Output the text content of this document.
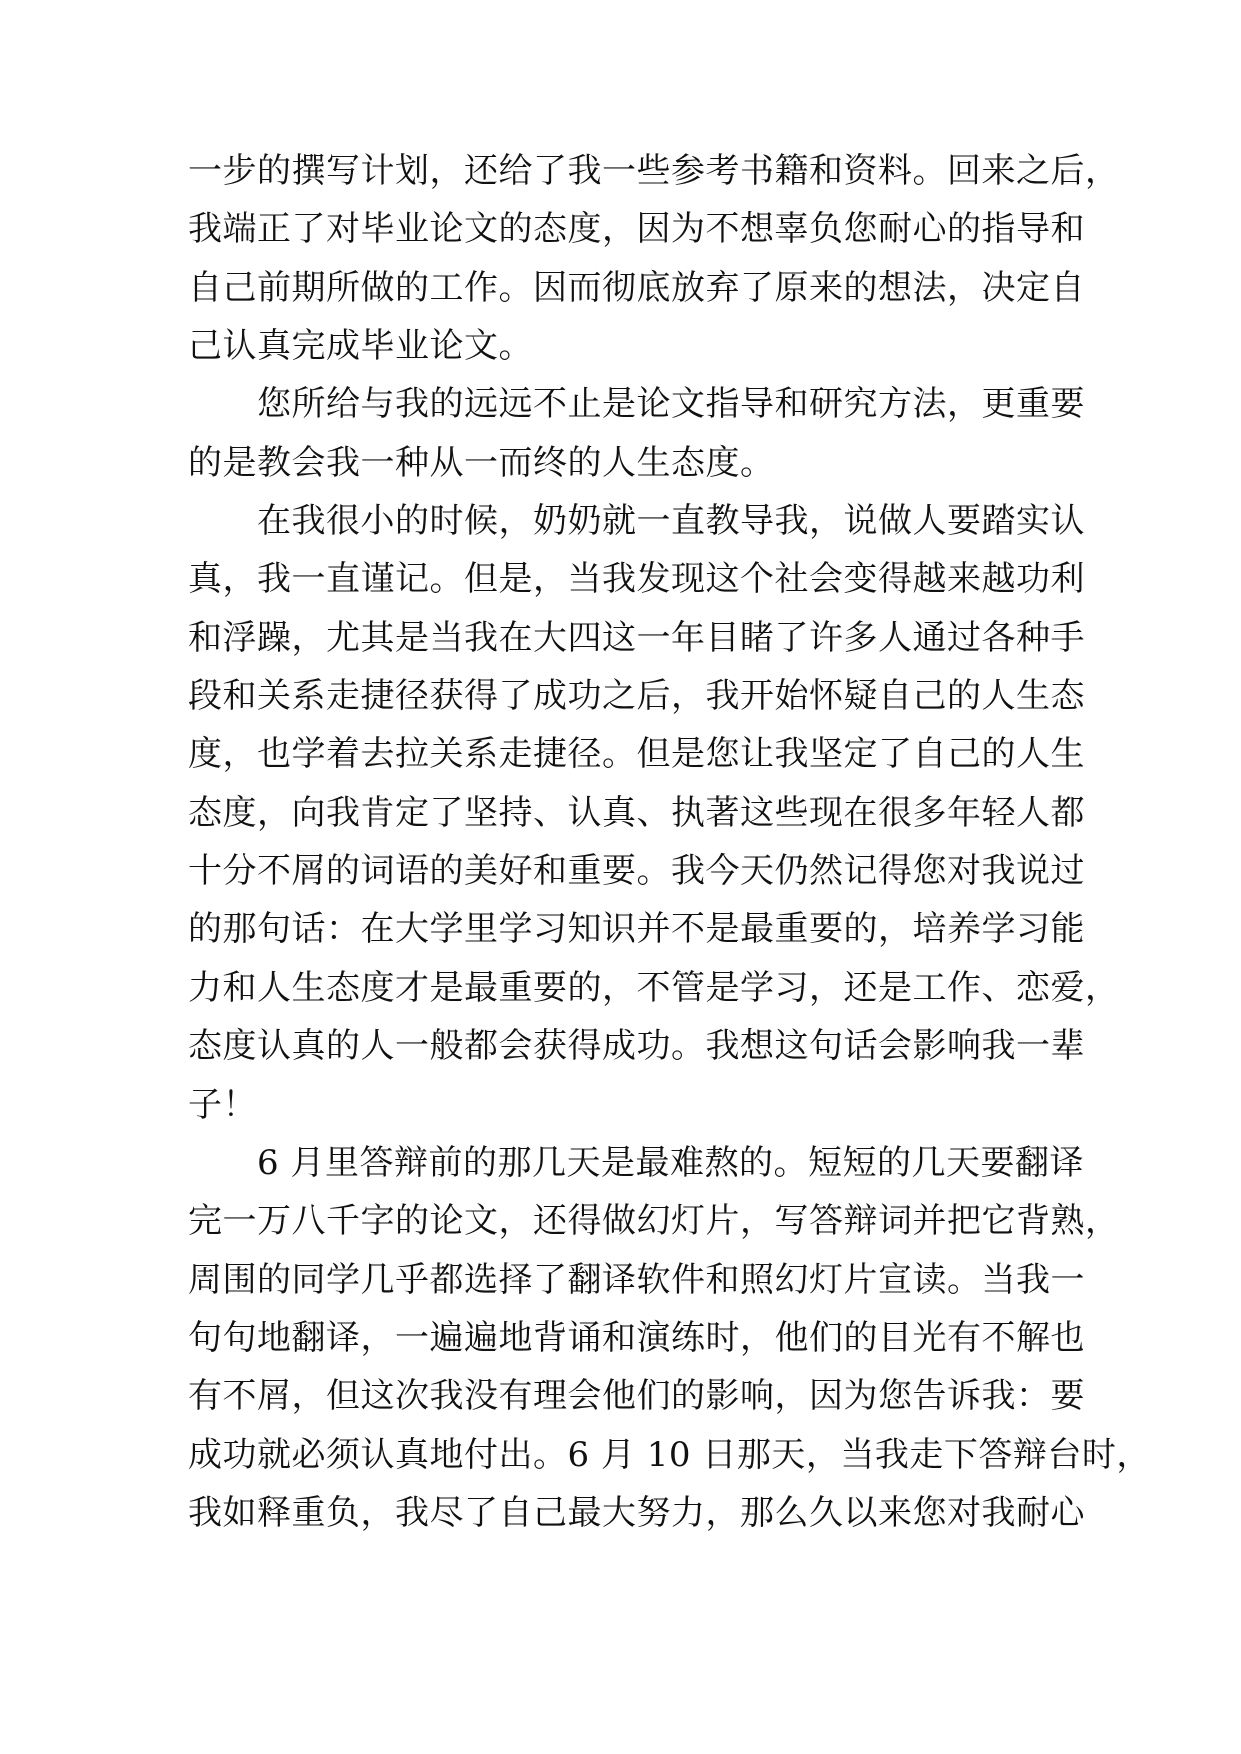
一步的撰写计划，还给了我一些参考书籍和资料。回来之后，
我端正了对毕业论文的态度，因为不想辜负您耐心的指导和
自己前期所做的工作。因而彻底放弃了原来的想法，决定自
己认真完成毕业论文。
　　您所给与我的远远不止是论文指导和研究方法，更重要
的是教会我一种从一而终的人生态度。
　　在我很小的时候，奶奶就一直教导我，说做人要踏实认
真，我一直谨记。但是，当我发现这个社会变得越来越功利
和浮躁，尤其是当我在大四这一年目睹了许多人通过各种手
段和关系走捷径获得了成功之后，我开始怀疑自己的人生态
度，也学着去拉关系走捷径。但是您让我坚定了自己的人生
态度，向我肯定了坚持、认真、执著这些现在很多年轻人都
十分不屑的词语的美好和重要。我今天仍然记得您对我说过
的那句话：在大学里学习知识并不是最重要的，培养学习能
力和人生态度才是最重要的，不管是学习，还是工作、恋爱，
态度认真的人一般都会获得成功。我想这句话会影响我一辈
子！
　　6 月里答辩前的那几天是最难熬的。短短的几天要翻译
完一万八千字的论文，还得做幻灯片，写答辩词并把它背熟，
周围的同学几乎都选择了翻译软件和照幻灯片宣读。当我一
句句地翻译，一遍遍地背诵和演练时，他们的目光有不解也
有不屑，但这次我没有理会他们的影响，因为您告诉我：要
成功就必须认真地付出。6 月 10 日那天，当我走下答辩台时，
我如释重负，我尽了自己最大努力，那么久以来您对我耐心
